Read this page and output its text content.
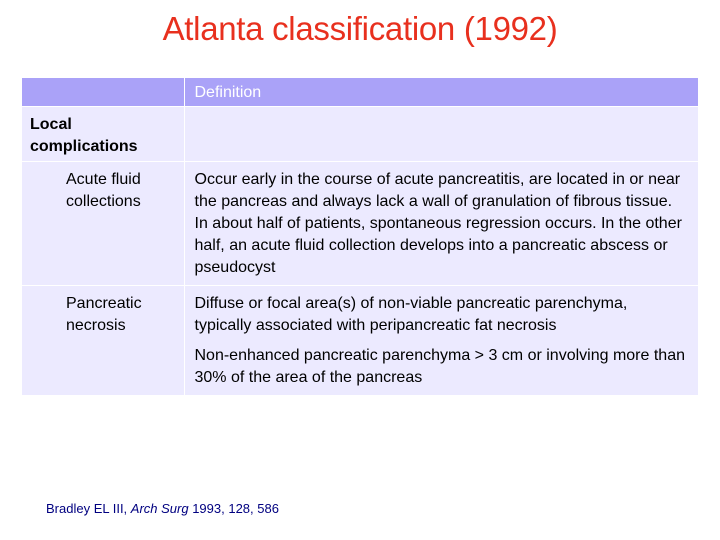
Atlanta classification (1992)

	Definition

Local complications	

Acute fluid collections	Occur early in the course of acute pancreatitis, are located in or near the pancreas and always lack a wall of granulation of fibrous tissue. In about half of patients, spontaneous regression occurs. In the other half, an acute fluid collection develops into a pancreatic abscess or pseudocyst

Pancreatic necrosis	Diffuse or focal area(s) of non-viable pancreatic parenchyma, typically associated with peripancreatic fat necrosis
Non-enhanced pancreatic parenchyma > 3 cm or involving more than 30% of the area of the pancreas
Bradley EL III, Arch Surg 1993, 128, 586
